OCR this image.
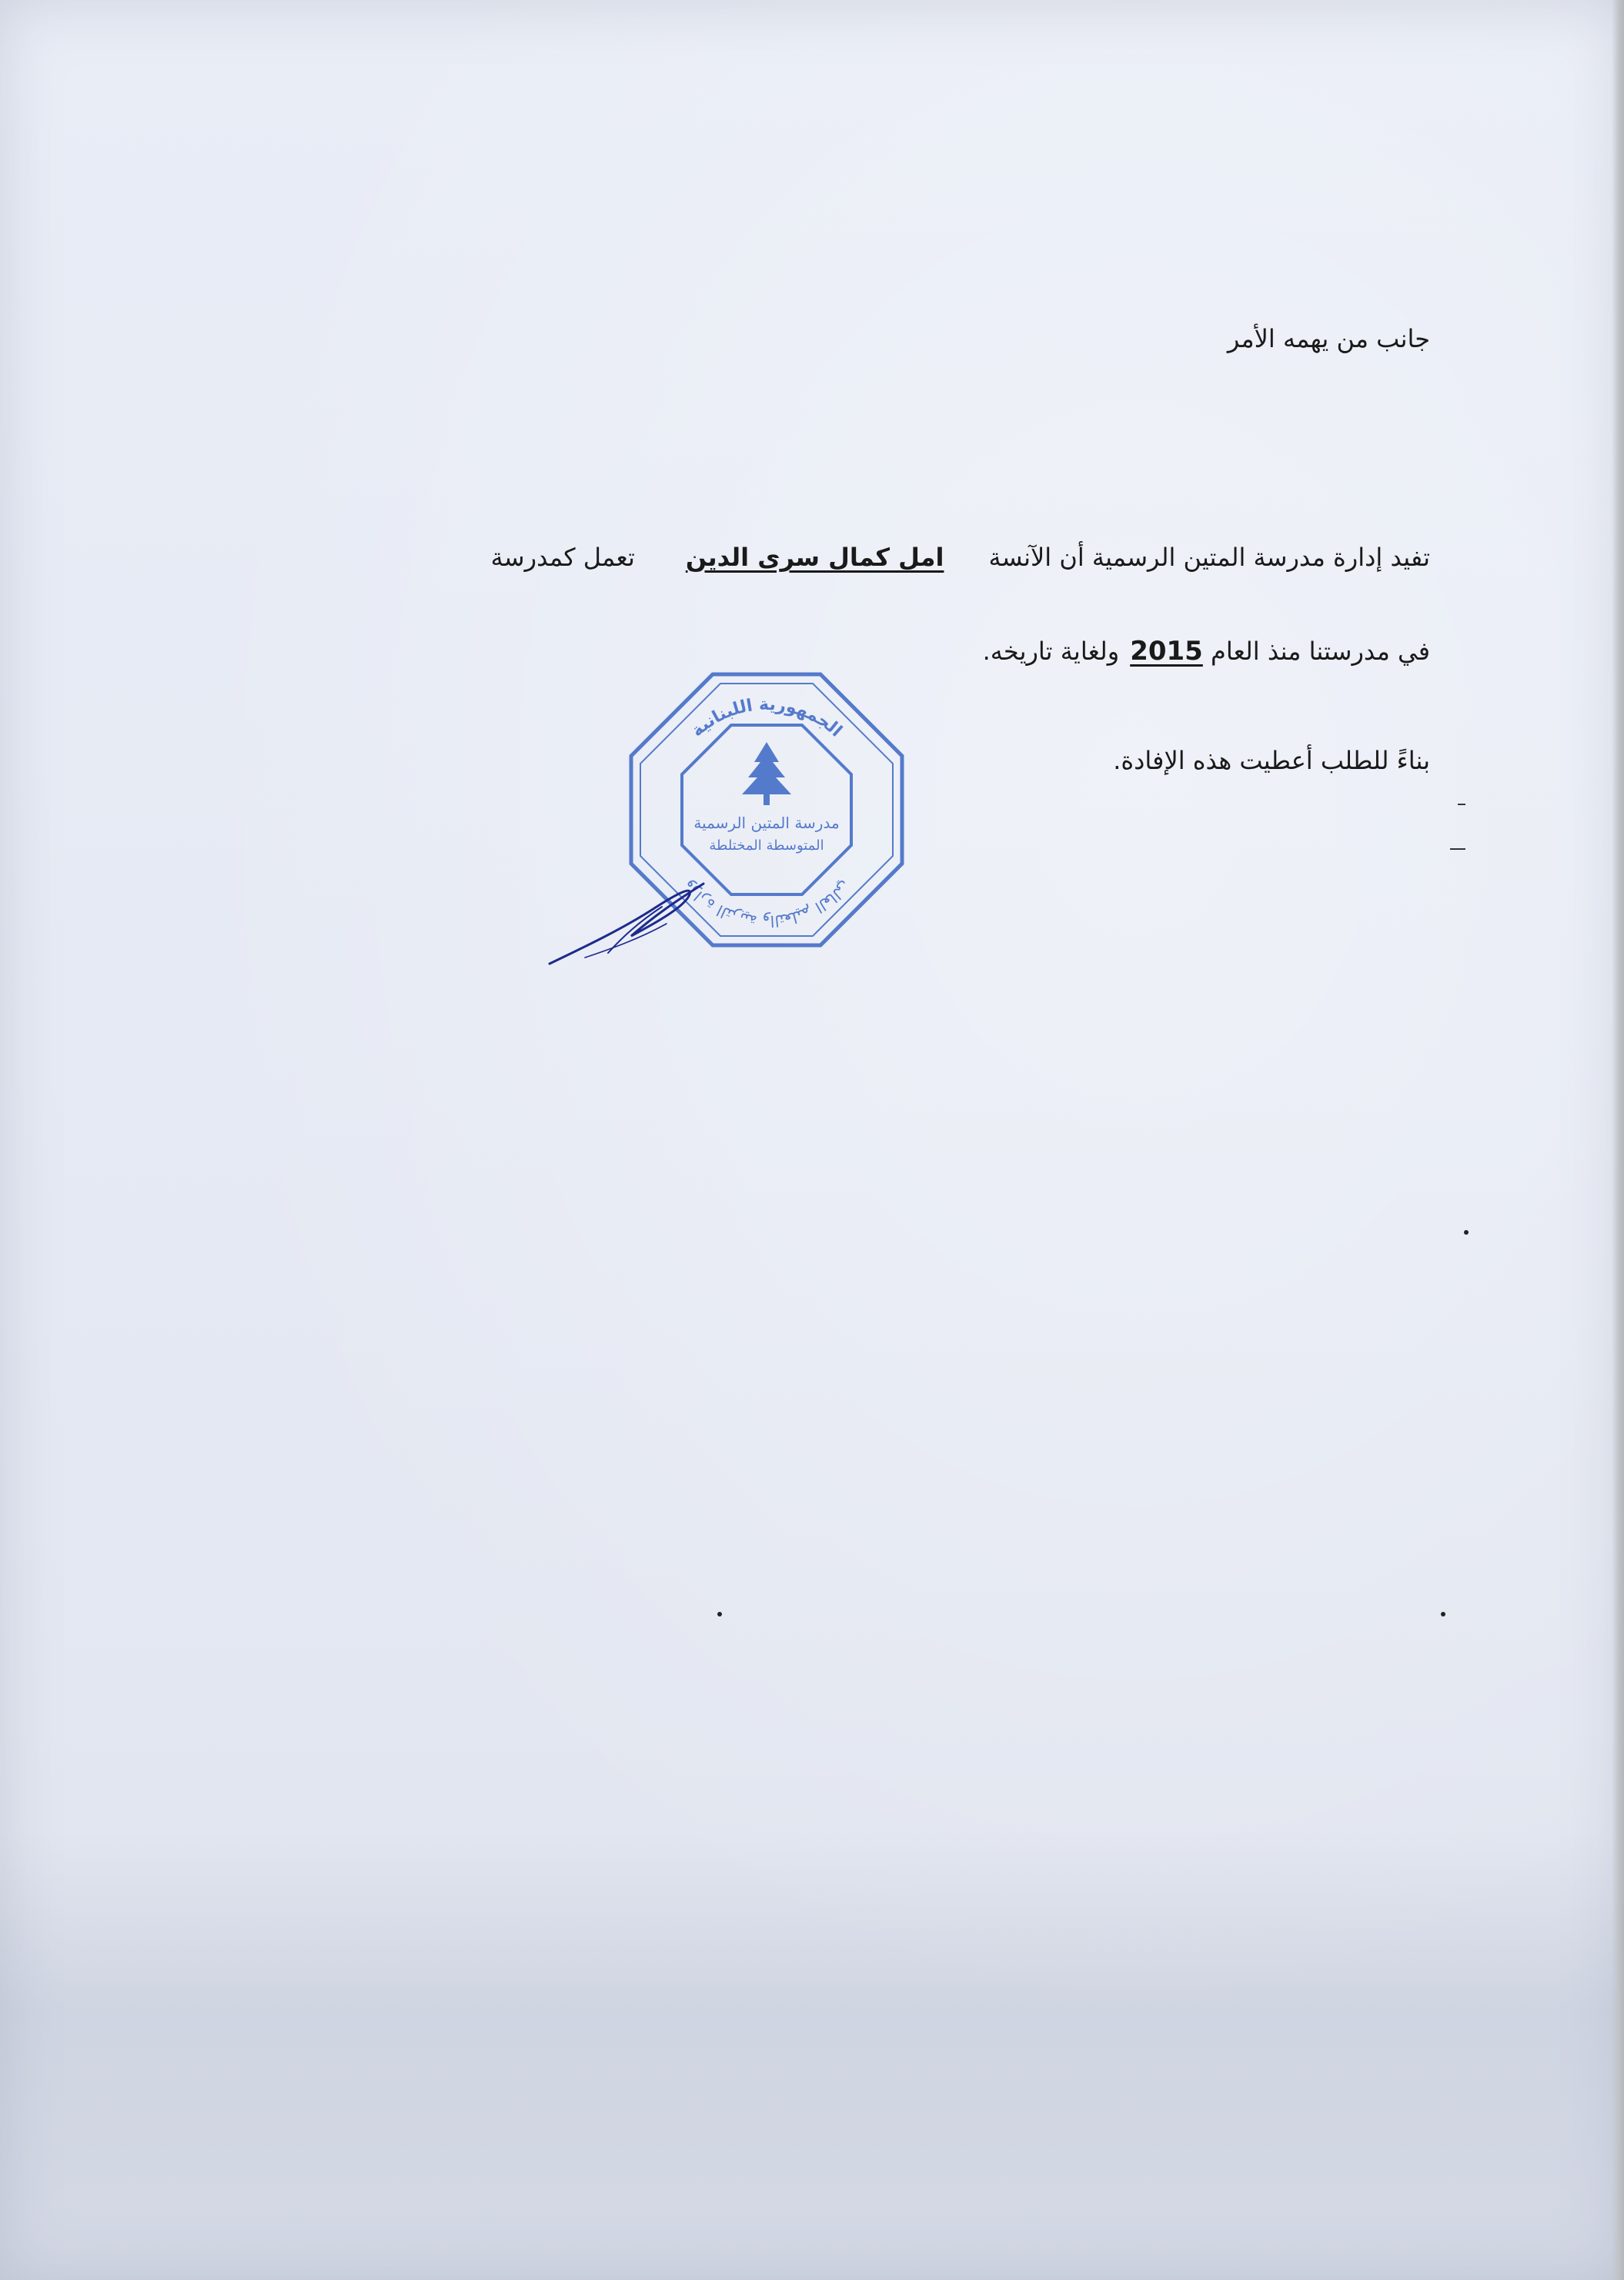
جانب من يهمه الأمر
تفيد إدارة مدرسة المتين الرسمية أن الآنسةامل كمال سرى الدينتعمل كمدرسة
في مدرستنا منذ العام 2015ولغاية تاريخه.
بناءً للطلب أعطيت هذه الإفادة.
الجمهورية اللبنانية
وزارة التربية والتعليم العالي
مدرسة المتين الرسمية
المتوسطة المختلطة
